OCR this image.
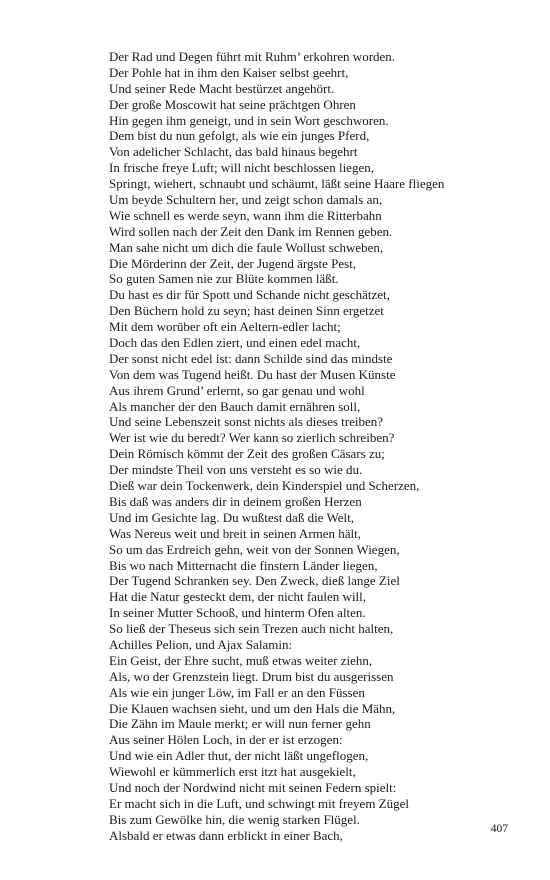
Der Rad und Degen führt mit Ruhm’ erkohren worden.
Der Pohle hat in ihm den Kaiser selbst geehrt,
Und seiner Rede Macht bestürzet angehört.
Der große Moscowit hat seine prächtgen Ohren
Hin gegen ihm geneigt, und in sein Wort geschworen.
Dem bist du nun gefolgt, als wie ein junges Pferd,
Von adelicher Schlacht, das bald hinaus begehrt
In frische freye Luft; will nicht beschlossen liegen,
Springt, wiehert, schnaubt und schäumt, läßt seine Haare fliegen
Um beyde Schultern her, und zeigt schon damals an,
Wie schnell es werde seyn, wann ihm die Ritterbahn
Wird sollen nach der Zeit den Dank im Rennen geben.
Man sahe nicht um dich die faule Wollust schweben,
Die Mörderinn der Zeit, der Jugend ärgste Pest,
So guten Samen nie zur Blüte kommen läßt.
Du hast es dir für Spott und Schande nicht geschätzet,
Den Büchern hold zu seyn; hast deinen Sinn ergetzet
Mit dem worüber oft ein Aeltern-edler lacht;
Doch das den Edlen ziert, und einen edel macht,
Der sonst nicht edel ist: dann Schilde sind das mindste
Von dem was Tugend heißt. Du hast der Musen Künste
Aus ihrem Grund’ erlernt, so gar genau und wohl
Als mancher der den Bauch damit ernähren soll,
Und seine Lebenszeit sonst nichts als dieses treiben?
Wer ist wie du beredt? Wer kann so zierlich schreiben?
Dein Römisch kömmt der Zeit des großen Cäsars zu;
Der mindste Theil von uns versteht es so wie du.
Dieß war dein Tockenwerk, dein Kinderspiel und Scherzen,
Bis daß was anders dir in deinem großen Herzen
Und im Gesichte lag. Du wußtest daß die Welt,
Was Nereus weit und breit in seinen Armen hält,
So um das Erdreich gehn, weit von der Sonnen Wiegen,
Bis wo nach Mitternacht die finstern Länder liegen,
Der Tugend Schranken sey. Den Zweck, dieß lange Ziel
Hat die Natur gesteckt dem, der nicht faulen will,
In seiner Mutter Schooß, und hinterm Ofen alten.
So ließ der Theseus sich sein Trezen auch nicht halten,
Achilles Pelion, und Ajax Salamin:
Ein Geist, der Ehre sucht, muß etwas weiter ziehn,
Als, wo der Grenzstein liegt. Drum bist du ausgerissen
Als wie ein junger Löw, im Fall er an den Füssen
Die Klauen wachsen sieht, und um den Hals die Mähn,
Die Zähn im Maule merkt; er will nun ferner gehn
Aus seiner Hölen Loch, in der er ist erzogen:
Und wie ein Adler thut, der nicht läßt ungeflogen,
Wiewohl er kümmerlich erst itzt hat ausgekielt,
Und noch der Nordwind nicht mit seinen Federn spielt:
Er macht sich in die Luft, und schwingt mit freyem Zügel
Bis zum Gewölke hin, die wenig starken Flügel.
Alsbald er etwas dann erblickt in einer Bach,	407
